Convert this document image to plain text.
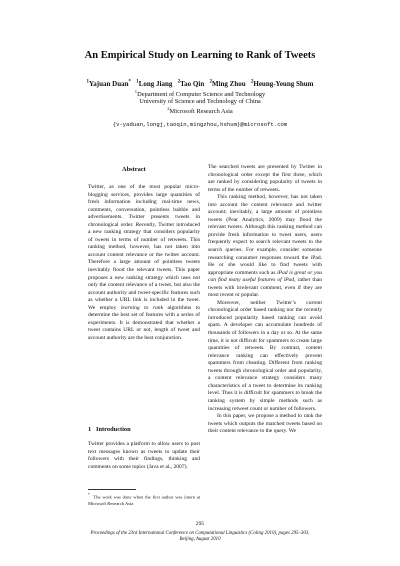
An Empirical Study on Learning to Rank of Tweets
$^1$Yajuan Duan* $^1$Long Jiang $^2$Tao Qin $^2$Ming Zhou $^2$Heung-Yeung Shum
$^1$Department of Computer Science and Technology
University of Science and Technology of China
$^2$Microsoft Research Asia
{v-yaduan,longj,taoqin,mingzhou,hshum}@microsoft.com
Abstract

Twitter, as one of the most popular micro-blogging services, provides large quantities of fresh information including real-time news, comments, conversation, pointless babble and advertisements. Twitter presents tweets in chronological order. Recently, Twitter introduced a new ranking strategy that considers popularity of tweets in terms of number of retweets. This ranking method, however, has not taken into account content relevance or the twitter account. Therefore a large amount of pointless tweets inevitably flood the relevant tweets. This paper proposes a new ranking strategy which uses not only the content relevance of a tweet, but also the account authority and tweet-specific features such as whether a URL link is included in the tweet. We employ learning to rank algorithms to determine the best set of features with a series of experiments. It is demonstrated that whether a tweet contains URL or not, length of tweet and account authority are the best conjunction.

1 Introduction

Twitter provides a platform to allow users to post text messages known as tweets to update their followers with their findings, thinking and comments on some topics (Java et al., 2007).

* The work was done when the first author was intern at Microsoft Research Asia

The searched tweets are presented by Twitter in chronological order except the first three, which are ranked by considering popularity of tweets in terms of the number of retweets.

This ranking method, however, has not taken into account the content relevance and twitter account; inevitably, a large amount of pointless tweets (Pear Analytics, 2009) may flood the relevant tweets. Although this ranking method can provide fresh information to tweet users, users frequently expect to search relevant tweets to the search queries. For example, consider someone researching consumer responses toward the iPad. He or she would like to find tweets with appropriate comments such as iPad is great or you can find many useful features of iPad, rather than tweets with irrelevant comment, even if they are most recent or popular.

Moreover, neither Twitter’s current chronological order based ranking nor the recently introduced popularity based ranking can avoid spam. A developer can accumulate hundreds of thousands of followers in a day or so. At the same time, it is not difficult for spammers to create large quantities of retweets. By contrast, content relevance ranking can effectively prevent spammers from cheating. Different from ranking tweets through chronological order and popularity, a content relevance strategy considers many characteristics of a tweet to determine its ranking level. Thus it is difficult for spammers to break the ranking system by simple methods such as increasing retweet count or number of followers.

In this paper, we propose a method to rank the tweets which outputs the matched tweets based on their content relevance to the query. We

295
Proceedings of the 23rd International Conference on Computational Linguistics (Coling 2010), pages 295–303,
Beijing, August 2010
